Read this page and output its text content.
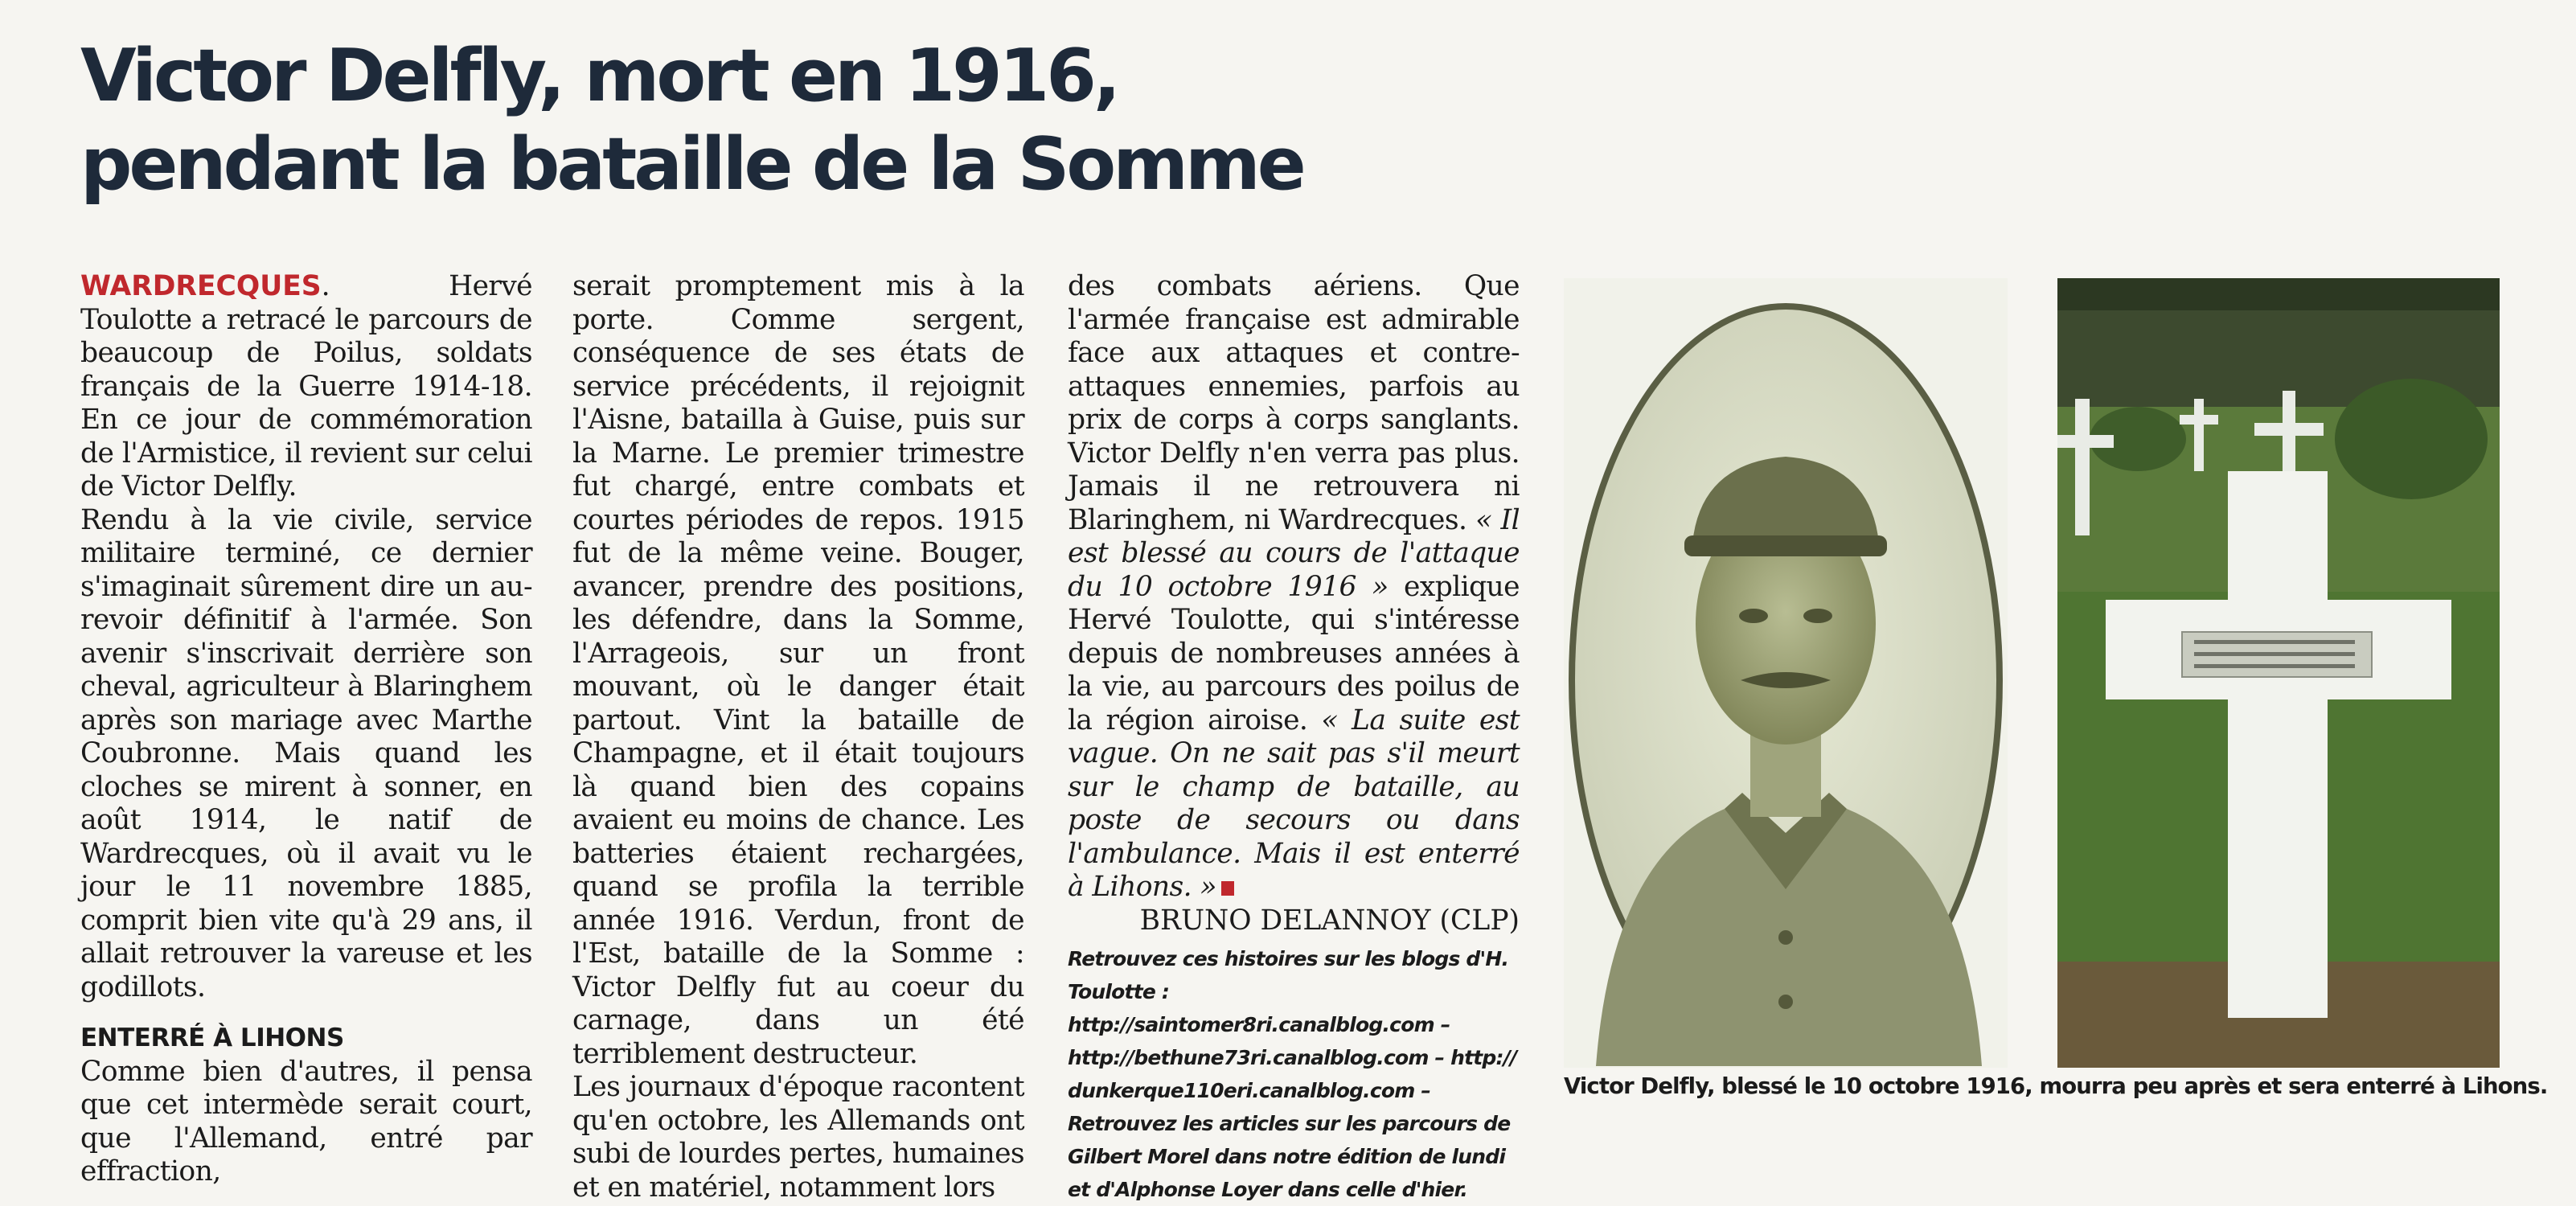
Victor Delfly, mort en 1916,
pendant la bataille de la Somme

WARDRECQUES. Hervé Toulotte a retracé le parcours de beaucoup de Poilus, soldats français de la Guerre 1914-18. En ce jour de commémoration de l'Armistice, il revient sur celui de Victor Delfly.

Rendu à la vie civile, service militaire terminé, ce dernier s'imaginait sûrement dire un au-revoir définitif à l'armée. Son avenir s'inscrivait derrière son cheval, agriculteur à Blaringhem après son mariage avec Marthe Coubronne. Mais quand les cloches se mirent à sonner, en août 1914, le natif de Wardrecques, où il avait vu le jour le 11 novembre 1885, comprit bien vite qu'à 29 ans, il allait retrouver la vareuse et les godillots.

ENTERRÉ À LIHONS

Comme bien d'autres, il pensa que cet intermède serait court, que l'Allemand, entré par effraction,

serait promptement mis à la porte. Comme sergent, conséquence de ses états de service précédents, il rejoignit l'Aisne, batailla à Guise, puis sur la Marne. Le premier trimestre fut chargé, entre combats et courtes périodes de repos. 1915 fut de la même veine. Bouger, avancer, prendre des positions, les défendre, dans la Somme, l'Arrageois, sur un front mouvant, où le danger était partout. Vint la bataille de Champagne, et il était toujours là quand bien des copains avaient eu moins de chance. Les batteries étaient rechargées, quand se profila la terrible année 1916. Verdun, front de l'Est, bataille de la Somme : Victor Delfly fut au coeur du carnage, dans un été terriblement destructeur.

Les journaux d'époque racontent qu'en octobre, les Allemands ont subi de lourdes pertes, humaines et en matériel, notamment lors

des combats aériens. Que l'armée française est admirable face aux attaques et contre-attaques ennemies, parfois au prix de corps à corps sanglants. Victor Delfly n'en verra pas plus. Jamais il ne retrouvera ni Blaringhem, ni Wardrecques. « Il est blessé au cours de l'attaque du 10 octobre 1916 » explique Hervé Toulotte, qui s'intéresse depuis de nombreuses années à la vie, au parcours des poilus de la région airoise. « La suite est vague. On ne sait pas s'il meurt sur le champ de bataille, au poste de secours ou dans l'ambulance. Mais il est enterré à Lihons. »

BRUNO DELANNOY (CLP)

Retrouvez ces histoires sur les blogs d'H. Toulotte : http://saintomer8ri.canalblog.com – http://bethune73ri.canalblog.com – http:// dunkerque110eri.canalblog.com –

Retrouvez les articles sur les parcours de Gilbert Morel dans notre édition de lundi et d'Alphonse Loyer dans celle d'hier.

Victor Delfly, blessé le 10 octobre 1916, mourra peu après et sera enterré à Lihons.
